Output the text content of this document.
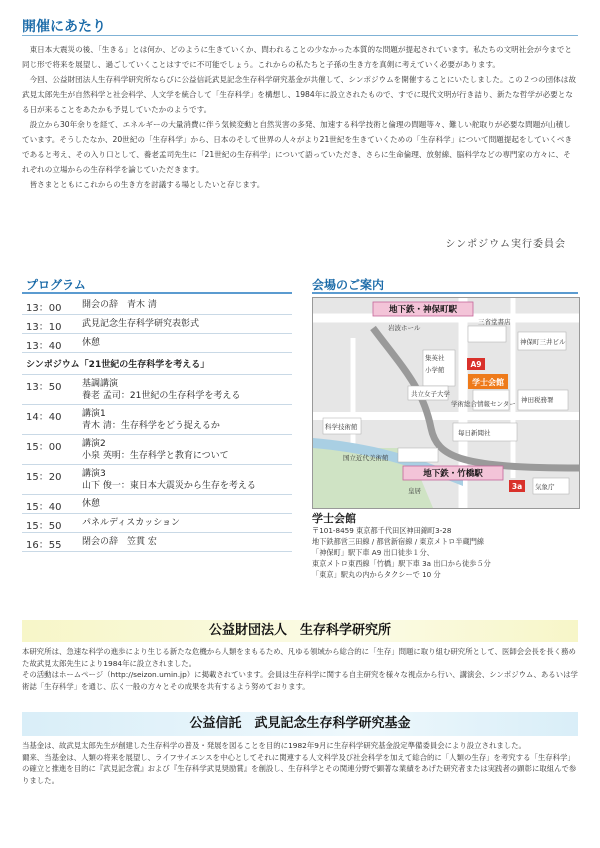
開催にあたり

東日本大震災の後、「生きる」とは何か、どのように生きていくか、問われることの少なかった本質的な問題が提起されています。私たちの文明社会が今までと同じ形で将来を展望し、過ごしていくことはすでに不可能でしょう。これからの私たちと子孫の生き方を真剣に考えていく必要があります。

今回、公益財団法人生存科学研究所ならびに公益信託武見記念生存科学研究基金が共催して、シンポジウムを開催することにいたしました。この２つの団体は故武見太郎先生が自然科学と社会科学、人文学を統合して「生存科学」を構想し、1984年に設立されたもので、すでに現代文明が行き詰り、新たな哲学が必要となる日が来ることをあたかも予見していたかのようです。

設立から30年余りを経て、エネルギーの大量消費に伴う気候変動と自然災害の多発、加速する科学技術と倫理の問題等々、難しい舵取りが必要な問題が山積しています。そうしたなか、20世紀の「生存科学」から、日本のそして世界の人々がより21世紀を生きていくための「生存科学」について問題提起をしていくべきであると考え、その入り口として、養老孟司先生に「21世紀の生存科学」について語っていただき、さらに生命倫理、放射線、脳科学などの専門家の方々に、それぞれの立場からの生存科学を論じていただきます。

皆さまとともにこれからの生き方を討議する場としたいと存じます。

シンポジウム実行委員会
プログラム
13：00	開会の辞　青木 清
13：10	武見記念生存科学研究表彰式
13：40	休憩
シンポジウム「21世紀の生存科学を考える」
13：50	基調講演
養老 孟司：21世紀の生存科学を考える
14：40	講演1
青木 清：生存科学をどう捉えるか
15：00	講演2
小泉 英明：生存科学と教育について
15：20	講演3
山下 俊一：東日本大震災から生存を考える
15：40	休憩
15：50	パネルディスカッション
16：55	閉会の辞　笠貫 宏
会場のご案内
地下鉄・神保町駅
地下鉄・竹橋駅
A9
3a
学士会館
岩波ホール
三省堂書店
集英社
小学館
神保町三井ビル
共立女子大学
学術総合情報センター 神田税務署
科学技術館
毎日新聞社
国立近代美術館
皇居	気象庁
学士会館
〒101-8459 東京都千代田区神田錦町3-28
地下鉄都営三田線 / 都営新宿線 / 東京メトロ半蔵門線
「神保町」駅下車 A9 出口徒歩１分、
東京メトロ東西線「竹橋」駅下車 3a 出口から徒歩５分
「東京」駅丸の内からタクシーで 10 分
公益財団法人　生存科学研究所

本研究所は、急速な科学の進歩により生じる新たな危機から人類をまもるため、凡ゆる領域から総合的に「生存」問題に取り組む研究所として、医師会会長を長く務めた故武見太郎先生により1984年に設立されました。

その活動はホームページ（http://seizon.umin.jp）に掲載されています。会員は生存科学に関する自主研究を様々な視点から行い、講演会、シンポジウム、あるいは学術誌「生存科学」を通じ、広く一般の方々とその成果を共有するよう努めております。

公益信託　武見記念生存科学研究基金

当基金は、故武見太郎先生が創建した生存科学の普及・発展を図ることを目的に1982年9月に生存科学研究基金設定準備委員会により設立されました。

爾来、当基金は、人類の将来を展望し、ライフサイエンスを中心としてそれに関連する人文科学及び社会科学を加えて総合的に「人類の生存」を考究する「生存科学」の確立と推進を目的に『武見記念賞』および『生存科学武見奨励賞』を創設し、生存科学とその関連分野で顕著な業績をあげた研究者または実践者の顕彰に取組んで参りました。
